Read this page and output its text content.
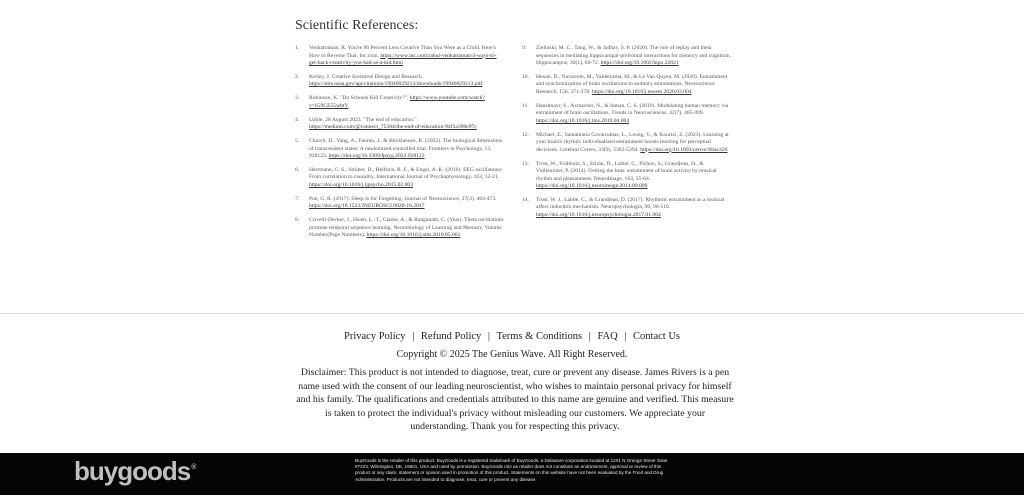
Scientific References:
1.	Venkatraman, R. You're 96 Percent Less Creative Than You Were as a Child. Here's How to Reverse That. Inc.com. https://www.inc.com/rahul-venkatraman/4-ways-to-get-back-creativity-you-had-as-a-kid.html
2.	Kerley, J. Creative Inventive Design and Research. https://ntrs.nasa.gov/api/citations/19940029213/downloads/19940029213.pdf
3.	Robinson, K. "Do Schools Kill Creativity?". https://www.youtube.com/watch?v=iG9CE55wbtY
4.	Uable, 28 August 2023. "The end of education." https://medium.com/@connect_75384/the-end-of-education-94f3a398e97c
5.	Church, D., Yang, A., Fannin, J., & Blickheuser, K. (2022). The biological dimensions of transcendent states: A randomized controlled trial. Frontiers in Psychology, 13, 928123. https://doi.org/10.3389/fpsyg.2022.928123
6.	Herrmann, C. S., Strüber, D., Helfrich, R. F., & Engel, A. K. (2016). EEG oscillations: From correlation to causality. International Journal of Psychophysiology, 103, 12-21. https://doi.org/10.1016/j.ijpsycho.2015.02.003
7.	Poe, G. R. (2017). Sleep Is for Forgetting. Journal of Neuroscience, 37(3), 464-473. https://doi.org/10.1523/JNEUROSCI.0820-16.2017
8.	Crivelli-Decker, J., Hsieh, L.-T., Clarke, A., & Ranganath, C. (Year). Theta oscillations promote temporal sequence learning. Neurobiology of Learning and Memory, Volume Number(Page Numbers). https://doi.org/10.1016/j.nlm.2018.05.001
9.	Zielinski, M. C., Tang, W., & Jadhav, S. P. (2020). The role of replay and theta sequences in mediating hippocampal-prefrontal interactions for memory and cognition. Hippocampus, 30(1), 60-72. https://doi.org/10.1002/hipo.22821
10.	Henao, D., Navarrete, M., Valderrama, M., & Le Van Quyen, M. (2020). Entrainment and synchronization of brain oscillations to auditory stimulations. Neuroscience Research, 156, 271-278. https://doi.org/10.1016/j.neures.2020.03.004
11.	Hanslmayr, S., Axmacher, N., & Inman, C. S. (2019). Modulating human memory via entrainment of brain oscillations. Trends in Neurosciences, 42(7), 485-499. https://doi.org/10.1016/j.tins.2019.04.004
12.	Michael, E., Santamaria Covarrubias, L., Leong, V., & Kourtzi, Z. (2023). Learning at your brain's rhythm: individualized entrainment boosts learning for perceptual decisions. Cerebral Cortex, 33(9), 5382-5394. https://doi.org/10.1093/cercor/bhac426
13.	Trost, W., Frühholz, S., Schön, D., Labbé, C., Pichon, S., Grandjean, D., & Vuilleumier, P. (2014). Getting the beat: entrainment of brain activity by musical rhythm and pleasantness. NeuroImage, 103, 55-64. https://doi.org/10.1016/j.neuroimage.2014.09.009
14.	Trost, W. J., Labbé, C., & Grandjean, D. (2017). Rhythmic entrainment as a musical affect induction mechanism. Neuropsychologia, 96, 96-110. https://doi.org/10.1016/j.neuropsychologia.2017.01.004
Privacy Policy | Refund Policy | Terms & Conditions | FAQ | Contact Us
Copyright © 2025 The Genius Wave. All Right Reserved.
Disclaimer: This product is not intended to diagnose, treat, cure or prevent any disease. James Rivers is a pen name used with the consent of our leading neuroscientist, who wishes to maintain personal privacy for himself and his family. The qualifications and credentials attributed to this name are genuine and verified. This measure is taken to protect the individual's privacy without misleading our customers. We appreciate your understanding. Thank you for respecting this privacy.
buygoods®
BuyGoods is the retailer of this product. BuyGoods is a registered trademark of BuyGoods, a Delaware corporation located at 1201 N Orange Street Suite #7223, Wilmington, DE, 19801, USA and used by permission. BuyGoods role as retailer does not constitute an endorsement, approval or review of this product or any claim, statement or opinion used in promotion of this product. Statements on this website have not been evaluated by the Food and Drug Administration. Products are not intended to diagnose, treat, cure or prevent any disease.
